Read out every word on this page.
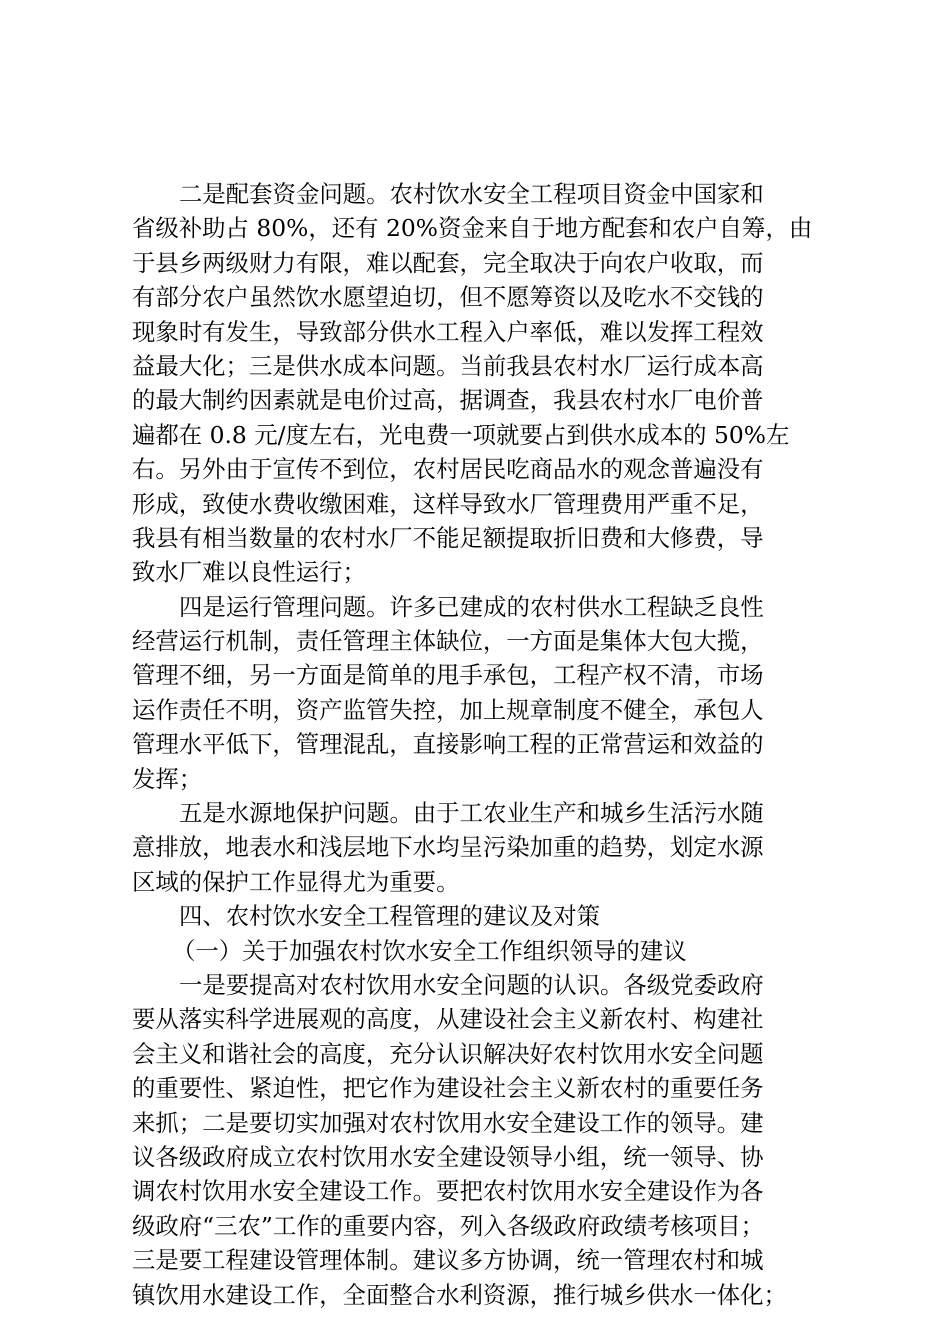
二是配套资金问题。农村饮水安全工程项目资金中国家和
省级补助占 80%，还有 20%资金来自于地方配套和农户自筹，由
于县乡两级财力有限，难以配套，完全取决于向农户收取，而
有部分农户虽然饮水愿望迫切，但不愿筹资以及吃水不交钱的
现象时有发生，导致部分供水工程入户率低，难以发挥工程效
益最大化；三是供水成本问题。当前我县农村水厂运行成本高
的最大制约因素就是电价过高，据调查，我县农村水厂电价普
遍都在 0.8 元/度左右，光电费一项就要占到供水成本的 50%左
右。另外由于宣传不到位，农村居民吃商品水的观念普遍没有
形成，致使水费收缴困难，这样导致水厂管理费用严重不足，
我县有相当数量的农村水厂不能足额提取折旧费和大修费，导
致水厂难以良性运行；
四是运行管理问题。许多已建成的农村供水工程缺乏良性
经营运行机制，责任管理主体缺位，一方面是集体大包大揽，
管理不细，另一方面是简单的甩手承包，工程产权不清，市场
运作责任不明，资产监管失控，加上规章制度不健全，承包人
管理水平低下，管理混乱，直接影响工程的正常营运和效益的
发挥；
五是水源地保护问题。由于工农业生产和城乡生活污水随
意排放，地表水和浅层地下水均呈污染加重的趋势，划定水源
区域的保护工作显得尤为重要。
四、农村饮水安全工程管理的建议及对策
（一）关于加强农村饮水安全工作组织领导的建议
一是要提高对农村饮用水安全问题的认识。各级党委政府
要从落实科学进展观的高度，从建设社会主义新农村、构建社
会主义和谐社会的高度，充分认识解决好农村饮用水安全问题
的重要性、紧迫性，把它作为建设社会主义新农村的重要任务
来抓；二是要切实加强对农村饮用水安全建设工作的领导。建
议各级政府成立农村饮用水安全建设领导小组，统一领导、协
调农村饮用水安全建设工作。要把农村饮用水安全建设作为各
级政府“三农”工作的重要内容，列入各级政府政绩考核项目；
三是要工程建设管理体制。建议多方协调，统一管理农村和城
镇饮用水建设工作，全面整合水利资源，推行城乡供水一体化；
